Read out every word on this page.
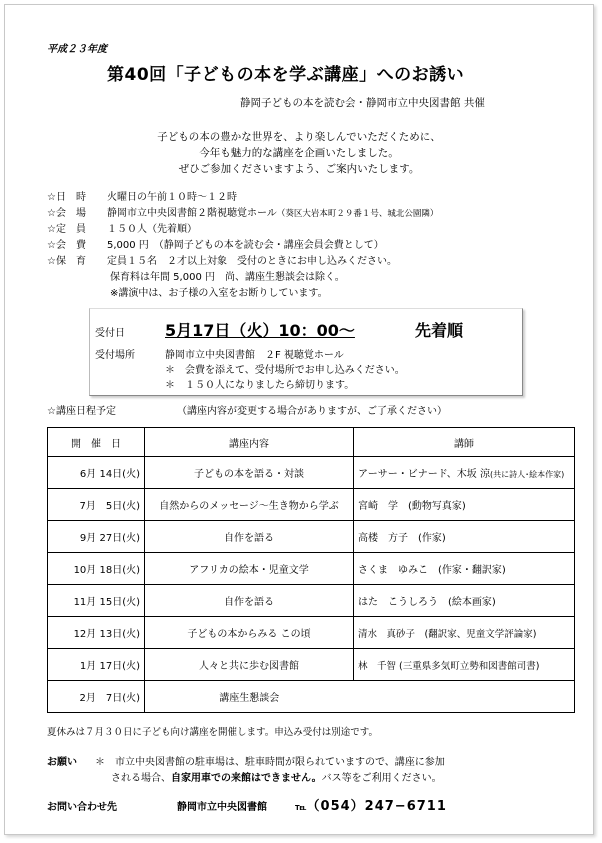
平成２３年度
第40回「子どもの本を学ぶ講座」へのお誘い
静岡子どもの本を読む会・静岡市立中央図書館 共催
子どもの本の豊かな世界を、より楽しんでいただくために、
今年も魅力的な講座を企画いたしました。
ぜひご参加くださいますよう、ご案内いたします。
☆日　時 火曜日の午前１０時～１２時
☆会　場 静岡市立中央図書館２階視聴覚ホール（葵区大岩本町２９番１号、城北公園隣）
☆定　員 １５０人（先着順）
☆会　費 5,000 円　（静岡子どもの本を読む会・講座会員会費として）
☆保　育 定員１５名　２才以上対象　受付のときにお申し込みください。
保育料は年間 5,000 円　尚、講座生懇談会は除く。
※講演中は、お子様の入室をお断りしています。
受付日	5月17日（火）10：00～	先着順
受付場所	静岡市立中央図書館　２F 視聴覚ホール
＊　会費を添えて、受付場所でお申し込みください。
＊　１５０人になりましたら締切ります。
☆講座日程予定	（講座内容が変更する場合がありますが、ご了承ください）
開　催　日	講座内容	講師
6月 14日(火)	子どもの本を語る・対談	アーサー・ビナード、木坂 涼(共に詩人･絵本作家)
7月　5日(火)	自然からのメッセージ～生き物から学ぶ	宮崎　学　(動物写真家)
9月 27日(火)	自作を語る	高楼　方子　(作家)
10月 18日(火)	アフリカの絵本・児童文学	さくま　ゆみこ　(作家・翻訳家)
11月 15日(火)	自作を語る	はた　こうしろう　(絵本画家)
12月 13日(火)	子どもの本からみる この頃	清水　真砂子　(翻訳家、児童文学評論家)
1月 17日(火)	人々と共に歩む図書館	林　千智 (三重県多気町立勢和図書館司書)
2月　7日(火)	講座生懇談会	
夏休みは７月３０日に子ども向け講座を開催します。申込み受付は別途です。
お願い ＊　市立中央図書館の駐車場は、駐車時間が限られていますので、講座に参加
される場合、自家用車での来館はできません。バス等をご利用ください。
お問い合わせ先	静岡市立中央図書館	℡（054）247−6711
